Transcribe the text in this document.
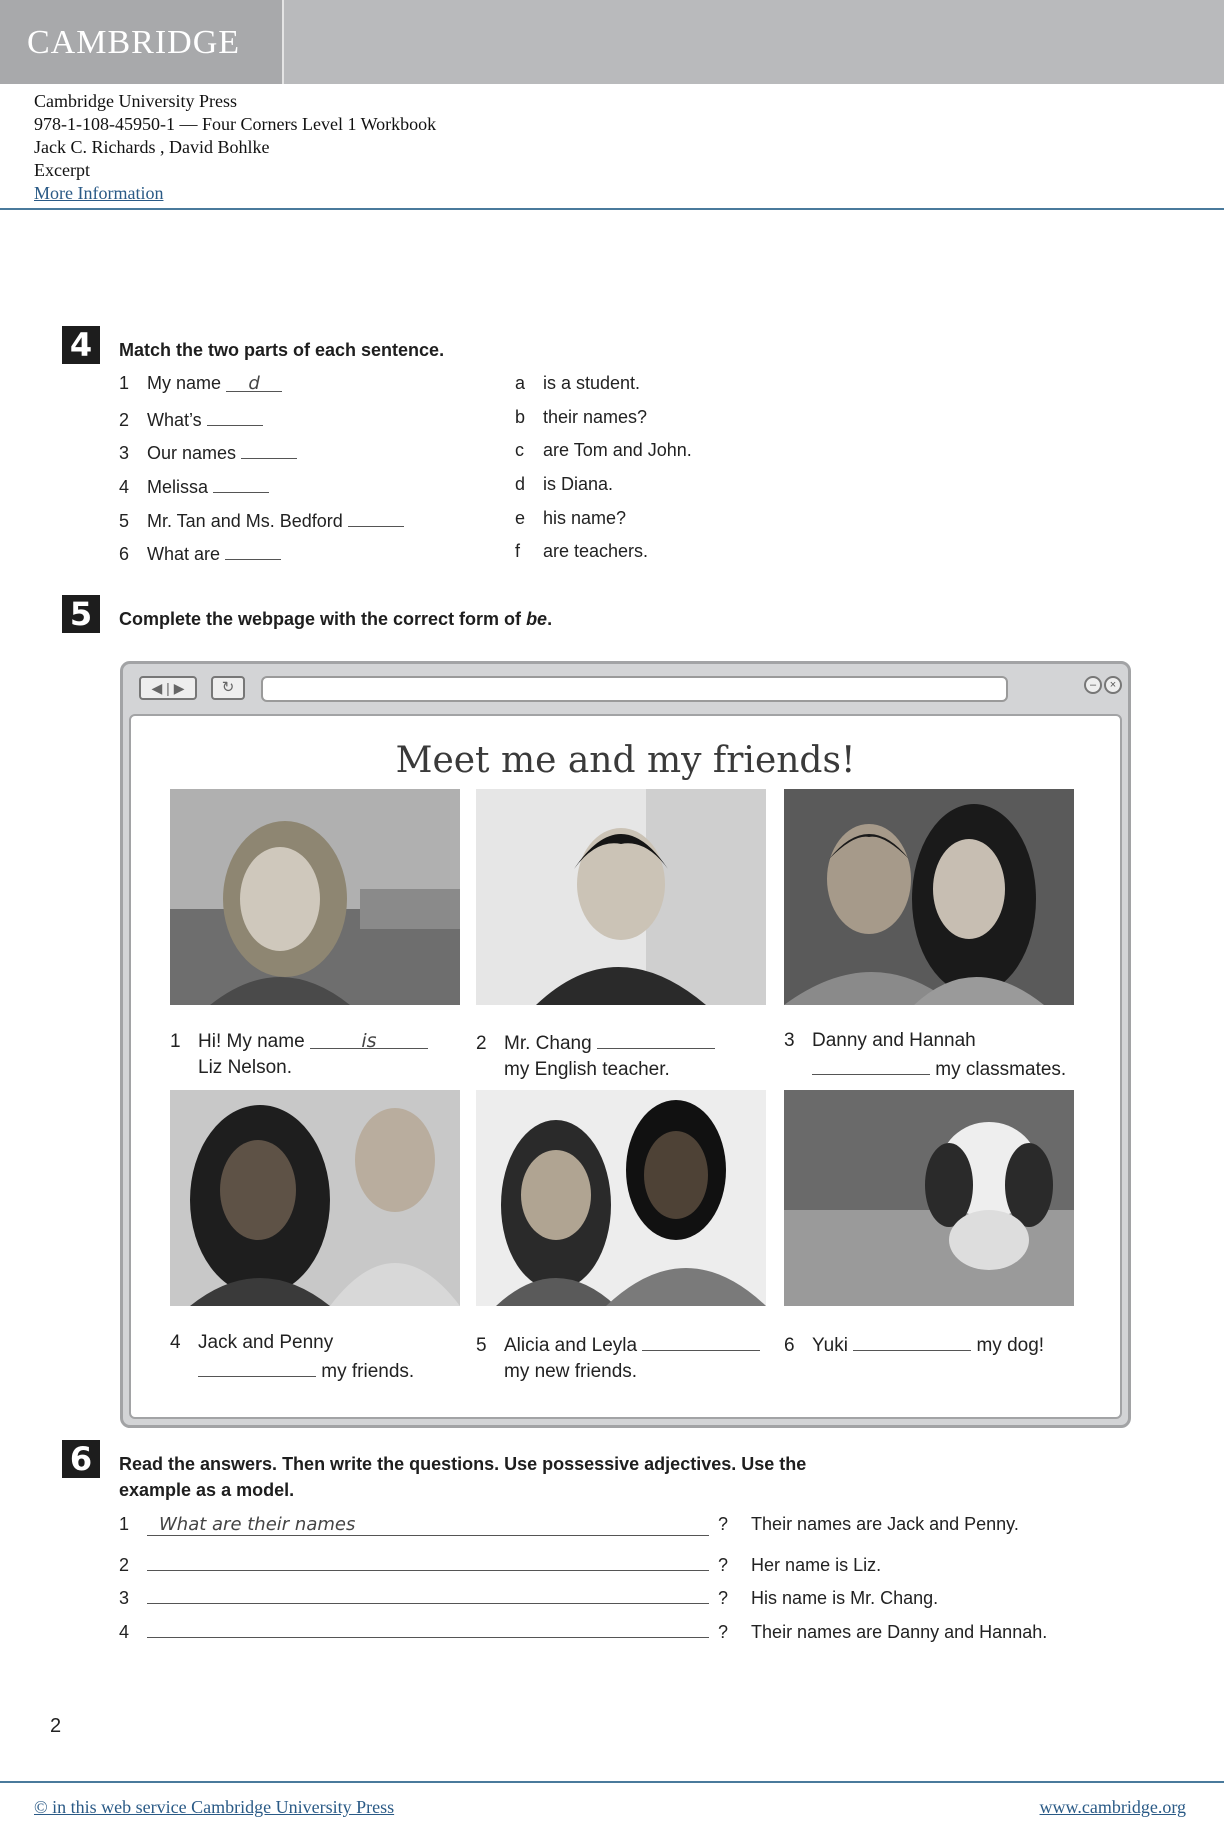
CAMBRIDGE
Cambridge University Press
978-1-108-45950-1 — Four Corners Level 1 Workbook
Jack C. Richards , David Bohlke
Excerpt
More Information
4	Match the two parts of each sentence.
1 My name d
2 What’s
3 Our names
4 Melissa
5 Mr. Tan and Ms. Bedford
6 What are
a is a student.
b their names?
c are Tom and John.
d is Diana.
e his name?
f are teachers.
5	Complete the webpage with the correct form of be.
◀ | ▶	↻	–	×
Meet me and my friends!
1 Hi! My name	is
Liz Nelson.
2 Mr. Chang
my English teacher.
3 Danny and Hannah
my classmates.
4 Jack and Penny
my friends.
5 Alicia and Leyla
my new friends.
6 Yuki	my dog!
6	Read the answers. Then write the questions. Use possessive adjectives. Use the
example as a model.
1 What are their names	? Their names are Jack and Penny.
2	? Her name is Liz.
3	? His name is Mr. Chang.
4	? Their names are Danny and Hannah.
2
© in this web service Cambridge University Press	www.cambridge.org
